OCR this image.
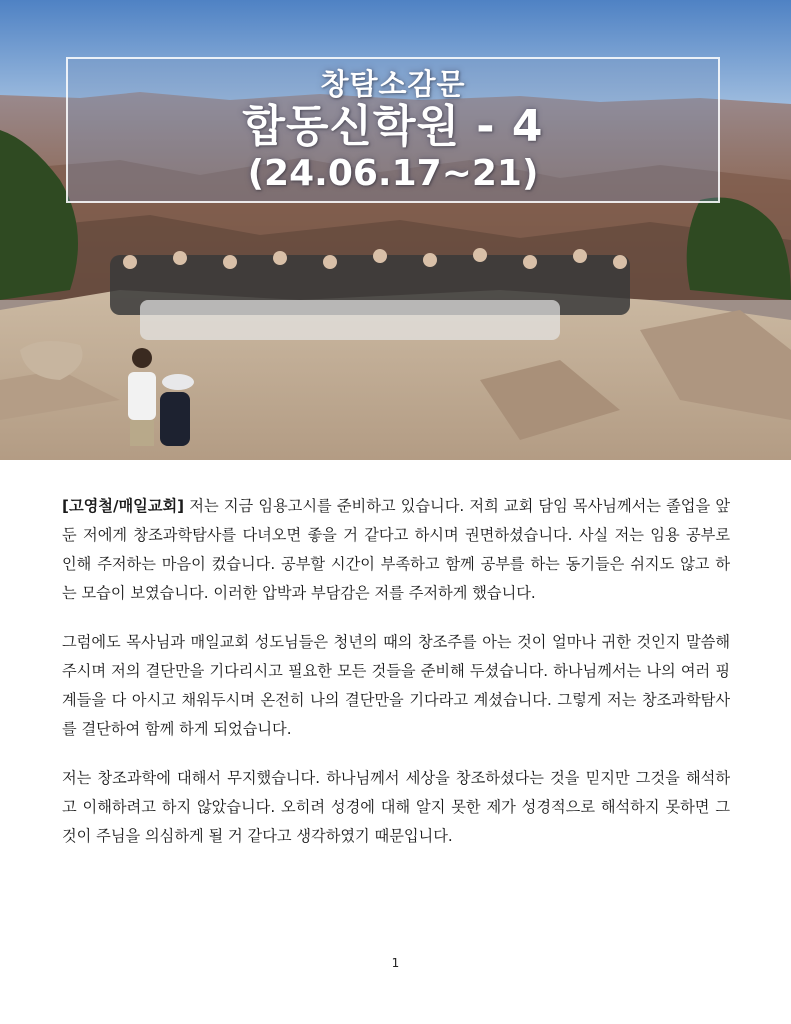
창탐소감문
합동신학원 - 4
(24.06.17~21)

[고영철/매일교회] 저는 지금 임용고시를 준비하고 있습니다. 저희 교회 담임 목사님께서는 졸업을 앞둔 저에게 창조과학탐사를 다녀오면 좋을 거 같다고 하시며 권면하셨습니다. 사실 저는 임용 공부로 인해 주저하는 마음이 컸습니다. 공부할 시간이 부족하고 함께 공부를 하는 동기들은 쉬지도 않고 하는 모습이 보였습니다. 이러한 압박과 부담감은 저를 주저하게 했습니다.

그럼에도 목사님과 매일교회 성도님들은 청년의 때의 창조주를 아는 것이 얼마나 귀한 것인지 말씀해 주시며 저의 결단만을 기다리시고 필요한 모든 것들을 준비해 두셨습니다. 하나님께서는 나의 여러 핑계들을 다 아시고 채워두시며 온전히 나의 결단만을 기다라고 계셨습니다. 그렇게 저는 창조과학탐사를 결단하여 함께 하게 되었습니다.

저는 창조과학에 대해서 무지했습니다. 하나님께서 세상을 창조하셨다는 것을 믿지만 그것을 해석하고 이해하려고 하지 않았습니다. 오히려 성경에 대해 알지 못한 제가 성경적으로 해석하지 못하면 그것이 주님을 의심하게 될 거 같다고 생각하였기 때문입니다.

1
